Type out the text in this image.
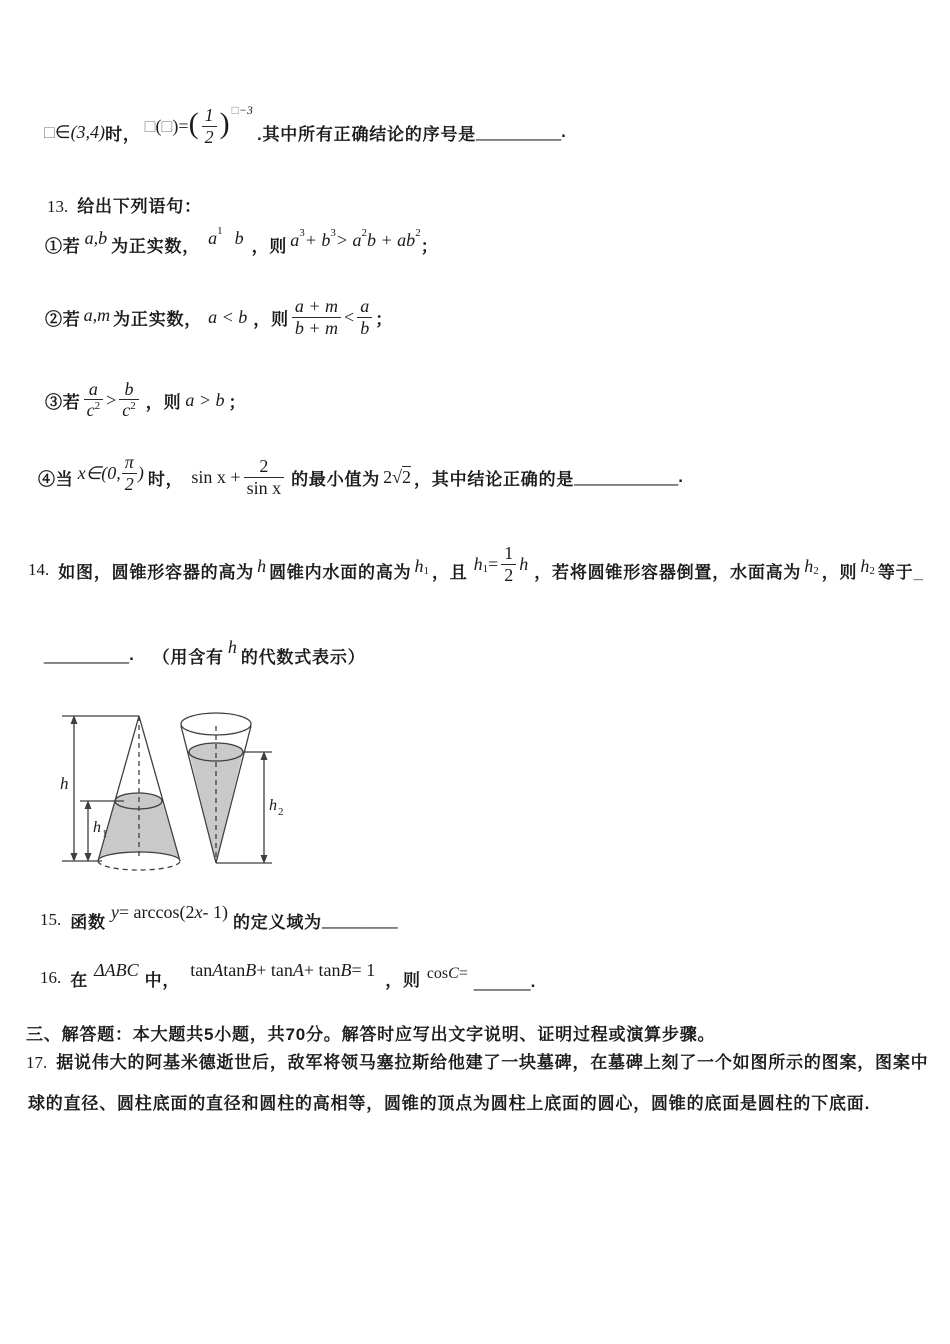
□ ∈ (3,4) 时， □ ( □ ) = ( $\frac{1}{2}$ ) □−3
.其中所有正确结论的序号是 _________ .
13. 给出下列语句：
①若 a,b 为正实数， a 1 b ，则 a 3 + b 3 > a 2 b + ab 2
；
②若 a,m 为正实数， a < b ，则 $\frac{a + m}{b + m} < \frac{a}{b}$ ；
③若 $\frac{a}{c^2} > \frac{b}{c^2}$ ，则 a > b ；
④当 x∈(0, $\frac{\pi}{2}$ ) 时， $\sin x + \frac{2}{\text{sin x}}$ 的最小值为 2 √ 2 ，其中结论正确的是 ___________ .
14. 如图，圆锥形容器的高为 h 圆锥内水面的高为 h 1 ，且 h $1 = \frac{1}{2}$ h ，若将圆锥形容器倒置，水面高为 h 2 ，则 h 2 等于_
_________ . （用含有
h
的代数式表示）
h
h 1
h 2
15. 函数
y = arccos(2 x - 1)
的定义域为 ________
16. 在
ΔABC
中，
tan A tan B + tan A + tan B = 1
，则 cos C = ______ .
三、解答题：本大题共5小题，共70分。解答时应写出文字说明、证明过程或演算步骤。
17. 据说伟大的阿基米德逝世后，敌军将领马塞拉斯给他建了一块墓碑，在墓碑上刻了一个如图所示的图案，图案中
球的直径、圆柱底面的直径和圆柱的高相等，圆锥的顶点为圆柱上底面的圆心，圆锥的底面是圆柱的下底面.
